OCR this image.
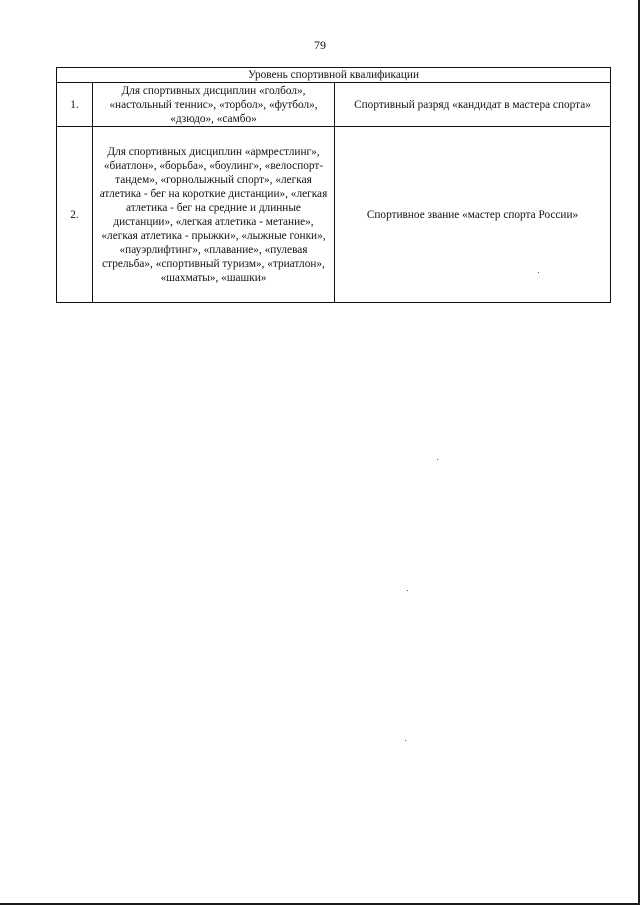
79
Уровень спортивной квалификации		
1.	Для спортивных дисциплин «голбол», «настольный теннис», «торбол», «футбол», «дзюдо», «самбо»	Спортивный разряд «кандидат в мастера спорта»
2.	Для спортивных дисциплин «армрестлинг», «биатлон», «борьба», «боулинг», «велоспорт-тандем», «горнолыжный спорт», «легкая атлетика - бег на короткие дистанции», «легкая атлетика - бег на средние и длинные дистанции», «легкая атлетика - метание», «легкая атлетика - прыжки», «лыжные гонки», «пауэрлифтинг», «плавание», «пулевая стрельба», «спортивный туризм», «триатлон», «шахматы», «шашки»	Спортивное звание «мастер спорта России»
